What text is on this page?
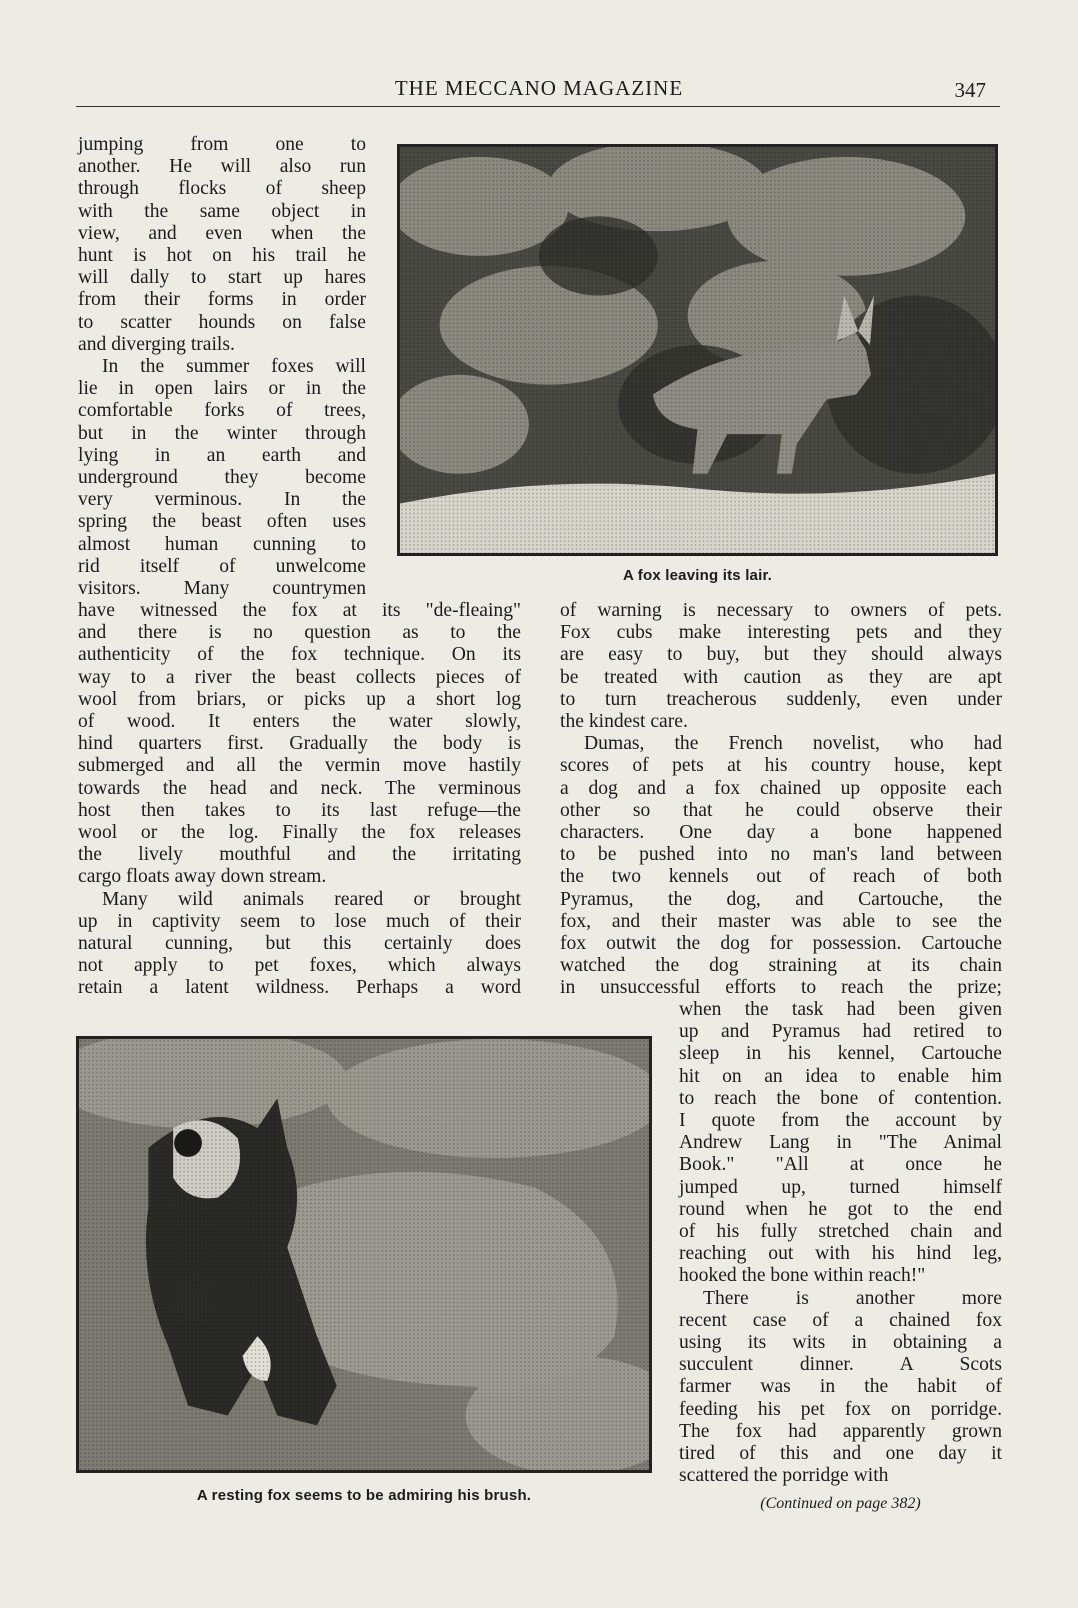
THE MECCANO MAGAZINE	347

jumping from one to

another. He will also run

through flocks of sheep

with the same object in

view, and even when the

hunt is hot on his trail he

will dally to start up hares

from their forms in order

to scatter hounds on false

and diverging trails.

In the summer foxes will

lie in open lairs or in the

comfortable forks of trees,

but in the winter through

lying in an earth and

underground they become

very verminous. In the

spring the beast often uses

almost human cunning to

rid itself of unwelcome

visitors. Many countrymen

A fox leaving its lair.

have witnessed the fox at its "de-fleaing"

and there is no question as to the

authenticity of the fox technique. On its

way to a river the beast collects pieces of

wool from briars, or picks up a short log

of wood. It enters the water slowly,

hind quarters first. Gradually the body is

submerged and all the vermin move hastily

towards the head and neck. The verminous

host then takes to its last refuge—the

wool or the log. Finally the fox releases

the lively mouthful and the irritating

cargo floats away down stream.

Many wild animals reared or brought

up in captivity seem to lose much of their

natural cunning, but this certainly does

not apply to pet foxes, which always

retain a latent wildness. Perhaps a word

of warning is necessary to owners of pets.

Fox cubs make interesting pets and they

are easy to buy, but they should always

be treated with caution as they are apt

to turn treacherous suddenly, even under

the kindest care.

Dumas, the French novelist, who had

scores of pets at his country house, kept

a dog and a fox chained up opposite each

other so that he could observe their

characters. One day a bone happened

to be pushed into no man's land between

the two kennels out of reach of both

Pyramus, the dog, and Cartouche, the

fox, and their master was able to see the

fox outwit the dog for possession. Cartouche

watched the dog straining at its chain

in unsuccessful efforts to reach the prize;

A resting fox seems to be admiring his brush.

when the task had been given

up and Pyramus had retired to

sleep in his kennel, Cartouche

hit on an idea to enable him

to reach the bone of contention.

I quote from the account by

Andrew Lang in "The Animal

Book." "All at once he

jumped up, turned himself

round when he got to the end

of his fully stretched chain and

reaching out with his hind leg,

hooked the bone within reach!"

There is another more

recent case of a chained fox

using its wits in obtaining a

succulent dinner. A Scots

farmer was in the habit of

feeding his pet fox on porridge.

The fox had apparently grown

tired of this and one day it

scattered the porridge with

(Continued on page 382)
